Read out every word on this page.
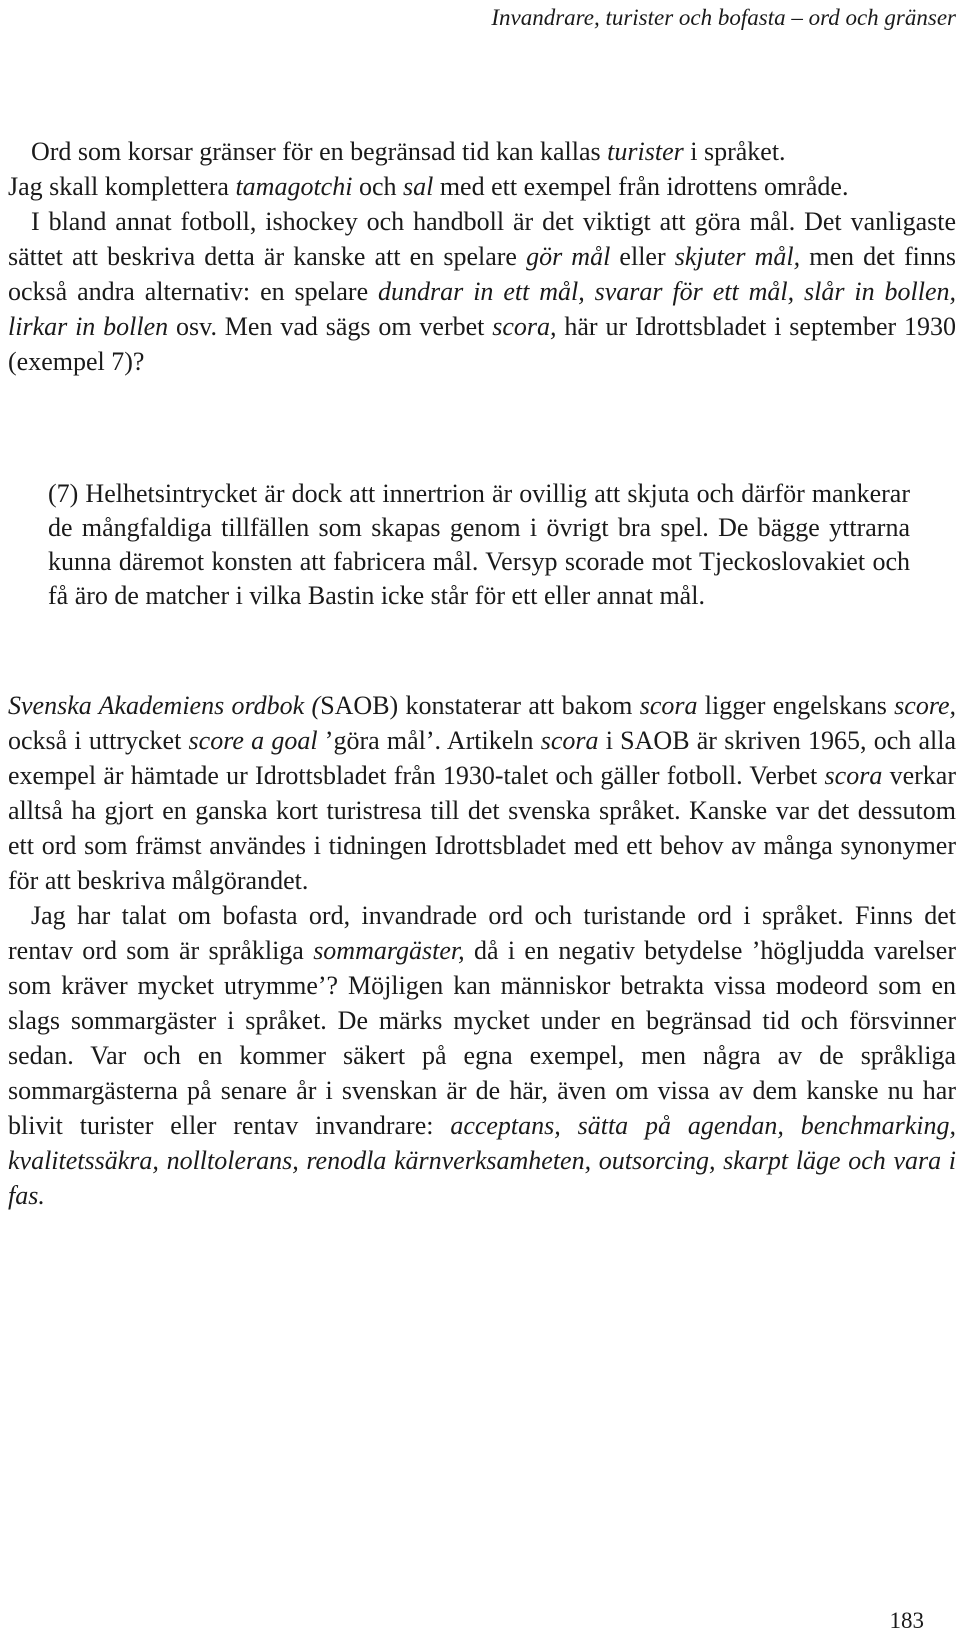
Invandrare, turister och bofasta – ord och gränser

Ord som korsar gränser för en begränsad tid kan kallas turister i språket.

Jag skall komplettera tamagotchi och sal med ett exempel från idrottens område.

I bland annat fotboll, ishockey och handboll är det viktigt att göra mål. Det vanligaste sättet att beskriva detta är kanske att en spelare gör mål eller skjuter mål, men det finns också andra alternativ: en spelare dundrar in ett mål, svarar för ett mål, slår in bollen, lirkar in bollen osv. Men vad sägs om verbet scora, här ur Idrottsbladet i september 1930 (exempel 7)?

(7) Helhetsintrycket är dock att innertrion är ovillig att skjuta och därför mankerar de mångfaldiga tillfällen som skapas genom i övrigt bra spel. De bägge yttrarna kunna däremot konsten att fabricera mål. Versyp scorade mot Tjeckoslovakiet och få äro de matcher i vilka Bastin icke står för ett eller annat mål.

Svenska Akademiens ordbok (SAOB) konstaterar att bakom scora ligger engelskans score, också i uttrycket score a goal ’göra mål’. Artikeln scora i SAOB är skriven 1965, och alla exempel är hämtade ur Idrottsbladet från 1930-talet och gäller fotboll. Verbet scora verkar alltså ha gjort en ganska kort turistresa till det svenska språket. Kanske var det dessutom ett ord som främst användes i tidningen Idrottsbladet med ett behov av många synonymer för att beskriva målgörandet.

Jag har talat om bofasta ord, invandrade ord och turistande ord i språket. Finns det rentav ord som är språkliga sommargäster, då i en negativ betydelse ’högljudda varelser som kräver mycket utrymme’? Möjligen kan människor betrakta vissa modeord som en slags sommargäster i språket. De märks mycket under en begränsad tid och försvinner sedan. Var och en kommer säkert på egna exempel, men några av de språkliga sommargästerna på senare år i svenskan är de här, även om vissa av dem kanske nu har blivit turister eller rentav invandrare: acceptans, sätta på agendan, benchmarking, kvalitetssäkra, nolltolerans, renodla kärnverksamheten, outsorcing, skarpt läge och vara i fas.

183
